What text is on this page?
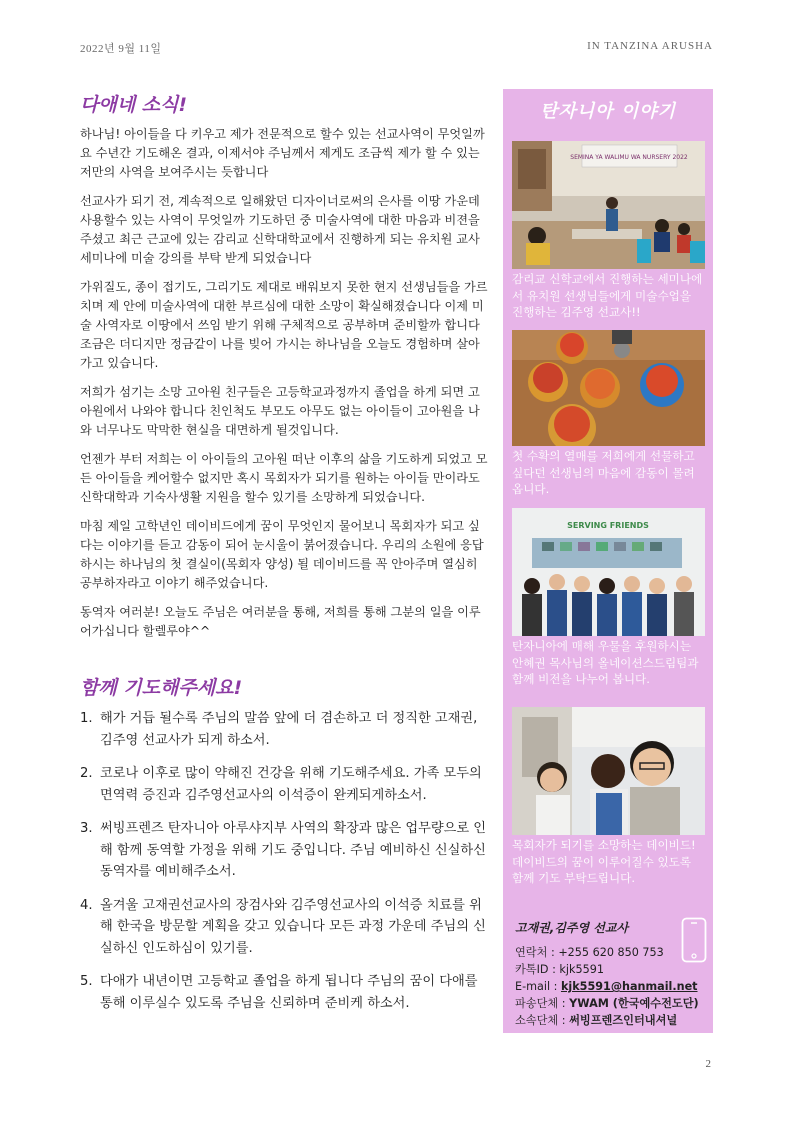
2022년 9월 11일	IN TANZINA ARUSHA
다애네 소식!

하나님! 아이들을 다 키우고 제가 전문적으로 할수 있는 선교사역이 무엇일까요 수년간 기도해온 결과, 이제서야 주님께서 제게도 조금씩 제가 할 수 있는 저만의 사역을 보여주시는 듯합니다

선교사가 되기 전, 계속적으로 일해왔던 디자이너로써의 은사를 이땅 가운데 사용할수 있는 사역이 무엇일까 기도하던 중 미술사역에 대한 마음과 비젼을 주셨고 최근 근교에 있는 감리교 신학대학교에서 진행하게 되는 유치원 교사 세미나에 미술 강의를 부탁 받게 되었습니다

가위질도, 종이 접기도, 그리기도 제대로 배워보지 못한 현지 선생님들을 가르치며 제 안에 미술사역에 대한 부르심에 대한 소망이 확실해졌습니다 이제 미술 사역자로 이땅에서 쓰임 받기 위해 구체적으로 공부하며 준비할까 합니다 조금은 더디지만 정금같이 나를 빚어 가시는 하나님을 오늘도 경험하며 살아가고 있습니다.

저희가 섬기는 소망 고아원 친구들은 고등학교과정까지 졸업을 하게 되면 고아원에서 나와야 합니다 친인척도 부모도 아무도 없는 아이들이 고아원을 나와 너무나도 막막한 현실을 대면하게 될것입니다.

언젠가 부터 저희는 이 아이들의 고아원 떠난 이후의 삶을 기도하게 되었고 모든 아이들을 케어할수 없지만 혹시 목회자가 되기를 원하는 아이들 만이라도 신학대학과 기숙사생활 지원을 할수 있기를 소망하게 되었습니다.

마침 제일 고학년인 데이비드에게 꿈이 무엇인지 물어보니 목회자가 되고 싶다는 이야기를 듣고 감동이 되어 눈시울이 붉어졌습니다. 우리의 소원에 응답하시는 하나님의 첫 결실이(목회자 양성) 될 데이비드를 꼭 안아주며 열심히 공부하자라고 이야기 해주었습니다.

동역자 여러분! 오늘도 주님은 여러분을 통해, 저희를 통해 그분의 일을 이루어가십니다 할렐루야^^

함께 기도해주세요!
1. 해가 거듭 될수록 주님의 말씀 앞에 더 겸손하고 더 정직한 고재권, 김주영 선교사가 되게 하소서.
2. 코로나 이후로 많이 약해진 건강을 위해 기도해주세요. 가족 모두의 면역력 증진과 김주영선교사의 이석증이 완케되게하소서.
3. 써빙프렌즈 탄자니아 아루샤지부 사역의 확장과 많은 업무량으로 인해 함께 동역할 가정을 위해 기도 중입니다. 주님 예비하신 신실하신 동역자를 예비해주소서.
4. 올겨울 고재권선교사의 장검사와 김주영선교사의 이석증 치료를 위해 한국을 방문할 계획을 갖고 있습니다 모든 과정 가운데 주님의 신실하신 인도하심이 있기를.
5. 다애가 내년이면 고등학교 졸업을 하게 됩니다 주님의 꿈이 다애를 통해 이루실수 있도록 주님을 신뢰하며 준비케 하소서.
탄자니아 이야기
SEMINA YA WALIMU WA NURSERY 2022
감리교 신학교에서 진행하는 세미나에서 유치원 선생님들에게 미술수업을 진행하는 김주영 선교사!!
첫 수확의 열매를 저희에게 선물하고 싶다던 선생님의 마음에 감동이 몰려옵니다.
SERVING FRIENDS
탄자니아에 매해 우물을 후원하시는 안혜권 목사님의 올네이션스드림팀과 함께 비전을 나누어 봅니다.
목회자가 되기를 소망하는 데이비드! 데이비드의 꿈이 이루어질수 있도록 함께 기도 부탁드립니다.
고재권,김주영 선교사
연락처 : +255 620 850 753
카톡ID : kjk5591
E-mail : kjk5591@hanmail.net
파송단체 : YWAM (한국예수전도단)
소속단체 : 써빙프렌즈인터내셔널
2
